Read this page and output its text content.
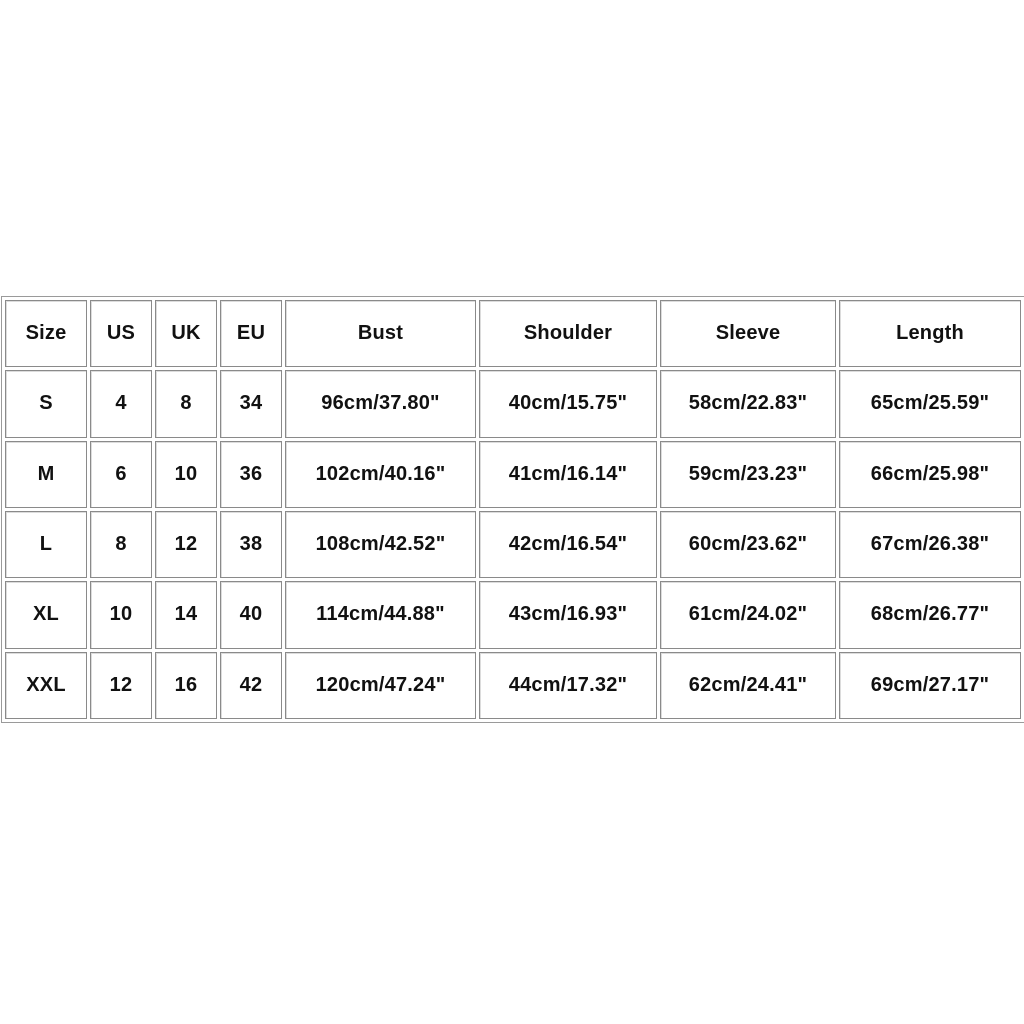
Size	US	UK	EU	Bust	Shoulder	Sleeve	Length
S	4	8	34	96cm/37.80"	40cm/15.75"	58cm/22.83"	65cm/25.59"
M	6	10	36	102cm/40.16"	41cm/16.14"	59cm/23.23"	66cm/25.98"
L	8	12	38	108cm/42.52"	42cm/16.54"	60cm/23.62"	67cm/26.38"
XL	10	14	40	114cm/44.88"	43cm/16.93"	61cm/24.02"	68cm/26.77"
XXL	12	16	42	120cm/47.24"	44cm/17.32"	62cm/24.41"	69cm/27.17"
